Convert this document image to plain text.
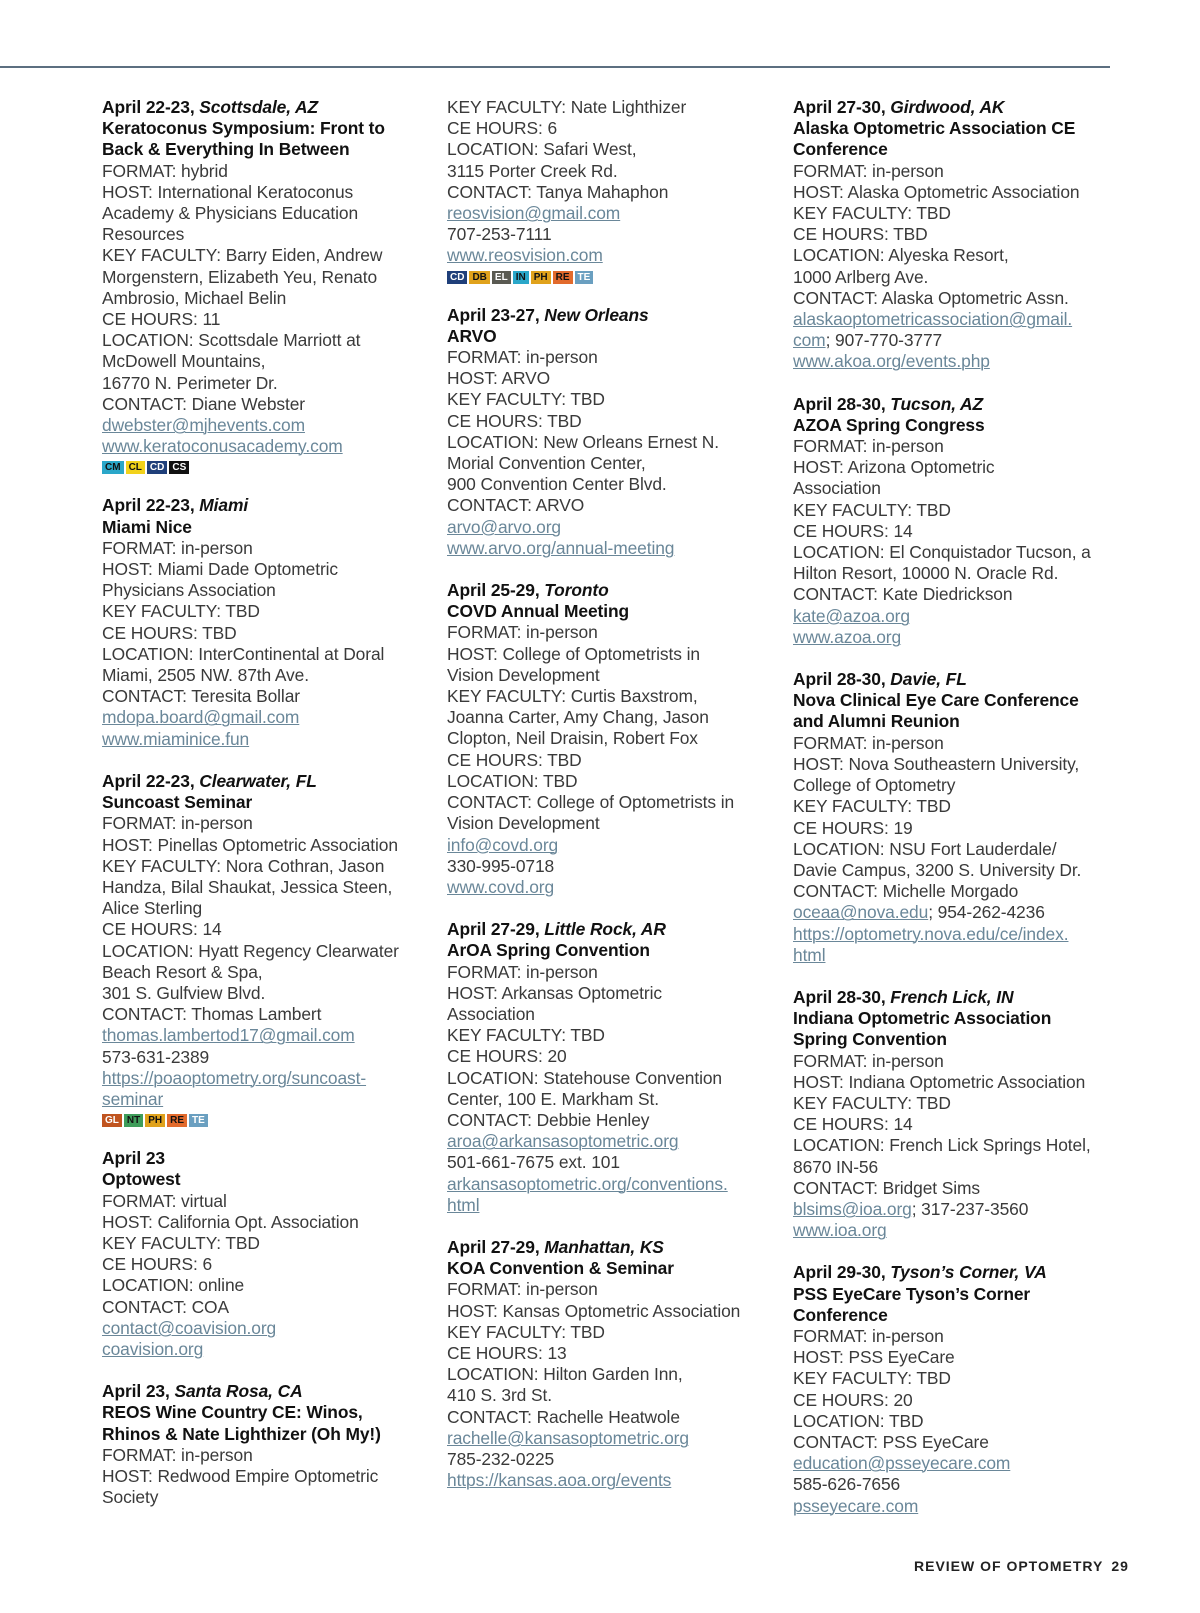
April 22-23, Scottsdale, AZ
Keratoconus Symposium: Front to
Back & Everything In Between
FORMAT: hybrid
HOST: International Keratoconus
Academy & Physicians Education
Resources
KEY FACULTY: Barry Eiden, Andrew
Morgenstern, Elizabeth Yeu, Renato
Ambrosio, Michael Belin
CE HOURS: 11
LOCATION: Scottsdale Marriott at
McDowell Mountains,
16770 N. Perimeter Dr.
CONTACT: Diane Webster
dwebster@mjhevents.com
www.keratoconusacademy.com
CM CL CD CS
April 22-23, Miami
Miami Nice
FORMAT: in-person
HOST: Miami Dade Optometric
Physicians Association
KEY FACULTY: TBD
CE HOURS: TBD
LOCATION: InterContinental at Doral
Miami, 2505 NW. 87th Ave.
CONTACT: Teresita Bollar
mdopa.board@gmail.com
www.miaminice.fun
April 22-23, Clearwater, FL
Suncoast Seminar
FORMAT: in-person
HOST: Pinellas Optometric Association
KEY FACULTY: Nora Cothran, Jason
Handza, Bilal Shaukat, Jessica Steen,
Alice Sterling
CE HOURS: 14
LOCATION: Hyatt Regency Clearwater
Beach Resort & Spa,
301 S. Gulfview Blvd.
CONTACT: Thomas Lambert
thomas.lambertod17@gmail.com
573-631-2389
https://poaoptometry.org/suncoast-
seminar
GL NT PH RE TE
April 23
Optowest
FORMAT: virtual
HOST: California Opt. Association
KEY FACULTY: TBD
CE HOURS: 6
LOCATION: online
CONTACT: COA
contact@coavision.org
coavision.org
April 23, Santa Rosa, CA
REOS Wine Country CE: Winos,
Rhinos & Nate Lighthizer (Oh My!)
FORMAT: in-person
HOST: Redwood Empire Optometric
Society
KEY FACULTY: Nate Lighthizer
CE HOURS: 6
LOCATION: Safari West,
3115 Porter Creek Rd.
CONTACT: Tanya Mahaphon
reosvision@gmail.com
707-253-7111
www.reosvision.com
CD DB EL IN PH RE TE
April 23-27, New Orleans
ARVO
FORMAT: in-person
HOST: ARVO
KEY FACULTY: TBD
CE HOURS: TBD
LOCATION: New Orleans Ernest N.
Morial Convention Center,
900 Convention Center Blvd.
CONTACT: ARVO
arvo@arvo.org
www.arvo.org/annual-meeting
April 25-29, Toronto
COVD Annual Meeting
FORMAT: in-person
HOST: College of Optometrists in
Vision Development
KEY FACULTY: Curtis Baxstrom,
Joanna Carter, Amy Chang, Jason
Clopton, Neil Draisin, Robert Fox
CE HOURS: TBD
LOCATION: TBD
CONTACT: College of Optometrists in
Vision Development
info@covd.org
330-995-0718
www.covd.org
April 27-29, Little Rock, AR
ArOA Spring Convention
FORMAT: in-person
HOST: Arkansas Optometric
Association
KEY FACULTY: TBD
CE HOURS: 20
LOCATION: Statehouse Convention
Center, 100 E. Markham St.
CONTACT: Debbie Henley
aroa@arkansasoptometric.org
501-661-7675 ext. 101
arkansasoptometric.org/conventions.
html
April 27-29, Manhattan, KS
KOA Convention & Seminar
FORMAT: in-person
HOST: Kansas Optometric Association
KEY FACULTY: TBD
CE HOURS: 13
LOCATION: Hilton Garden Inn,
410 S. 3rd St.
CONTACT: Rachelle Heatwole
rachelle@kansasoptometric.org
785-232-0225
https://kansas.aoa.org/events
April 27-30, Girdwood, AK
Alaska Optometric Association CE
Conference
FORMAT: in-person
HOST: Alaska Optometric Association
KEY FACULTY: TBD
CE HOURS: TBD
LOCATION: Alyeska Resort,
1000 Arlberg Ave.
CONTACT: Alaska Optometric Assn.
alaskaoptometricassociation@gmail.
com; 907-770-3777
www.akoa.org/events.php
April 28-30, Tucson, AZ
AZOA Spring Congress
FORMAT: in-person
HOST: Arizona Optometric
Association
KEY FACULTY: TBD
CE HOURS: 14
LOCATION: El Conquistador Tucson, a
Hilton Resort, 10000 N. Oracle Rd.
CONTACT: Kate Diedrickson
kate@azoa.org
www.azoa.org
April 28-30, Davie, FL
Nova Clinical Eye Care Conference
and Alumni Reunion
FORMAT: in-person
HOST: Nova Southeastern University,
College of Optometry
KEY FACULTY: TBD
CE HOURS: 19
LOCATION: NSU Fort Lauderdale/
Davie Campus, 3200 S. University Dr.
CONTACT: Michelle Morgado
oceaa@nova.edu; 954-262-4236
https://optometry.nova.edu/ce/index.
html
April 28-30, French Lick, IN
Indiana Optometric Association
Spring Convention
FORMAT: in-person
HOST: Indiana Optometric Association
KEY FACULTY: TBD
CE HOURS: 14
LOCATION: French Lick Springs Hotel,
8670 IN-56
CONTACT: Bridget Sims
blsims@ioa.org; 317-237-3560
www.ioa.org
April 29-30, Tyson’s Corner, VA
PSS EyeCare Tyson’s Corner
Conference
FORMAT: in-person
HOST: PSS EyeCare
KEY FACULTY: TBD
CE HOURS: 20
LOCATION: TBD
CONTACT: PSS EyeCare
education@psseyecare.com
585-626-7656
psseyecare.com
REVIEW OF OPTOMETRY 29
